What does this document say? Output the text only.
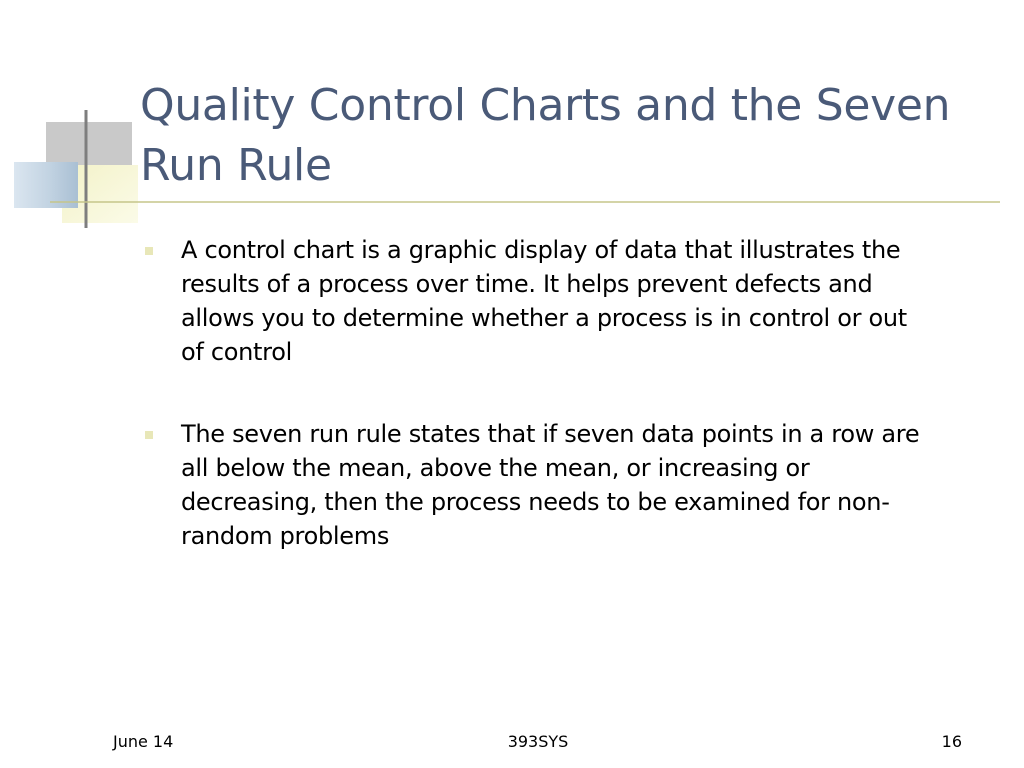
Quality Control Charts and the Seven Run Rule
A control chart is a graphic display of data that illustrates the results of a process over time. It helps prevent defects and allows you to determine whether a process is in control or out of control
The seven run rule states that if seven data points in a row are all below the mean, above the mean, or increasing or decreasing, then the process needs to be examined for non-random problems
June 14	393SYS	16
